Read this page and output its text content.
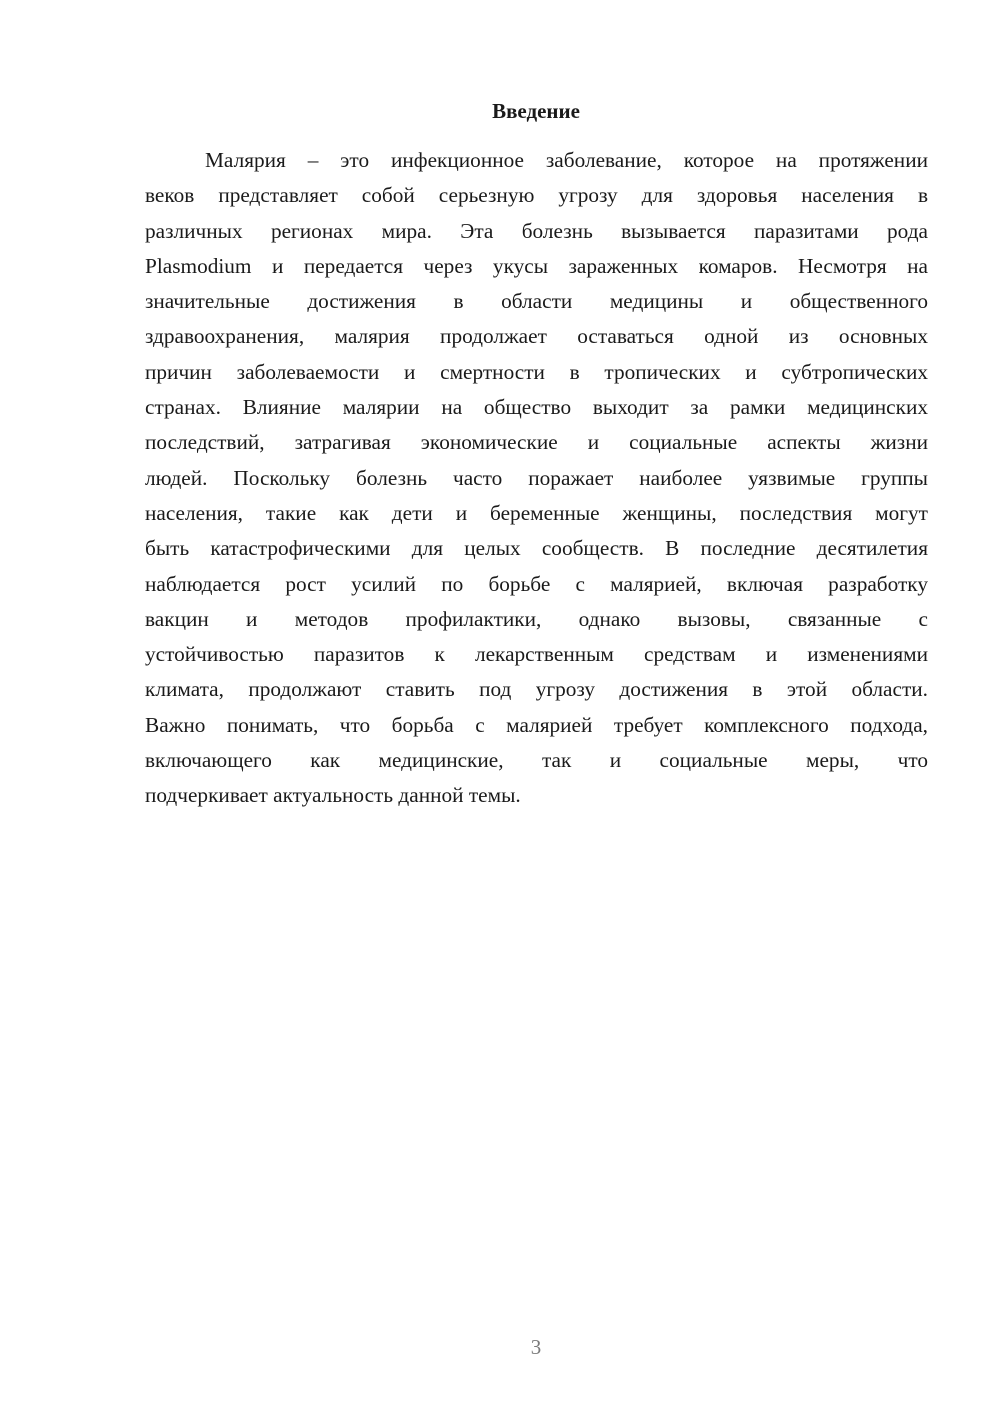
Введение
Малярия – это инфекционное заболевание, которое на протяжении
веков представляет собой серьезную угрозу для здоровья населения в
различных регионах мира. Эта болезнь вызывается паразитами рода
Plasmodium и передается через укусы зараженных комаров. Несмотря на
значительные достижения в области медицины и общественного
здравоохранения, малярия продолжает оставаться одной из основных
причин заболеваемости и смертности в тропических и субтропических
странах. Влияние малярии на общество выходит за рамки медицинских
последствий, затрагивая экономические и социальные аспекты жизни
людей. Поскольку болезнь часто поражает наиболее уязвимые группы
населения, такие как дети и беременные женщины, последствия могут
быть катастрофическими для целых сообществ. В последние десятилетия
наблюдается рост усилий по борьбе с малярией, включая разработку
вакцин и методов профилактики, однако вызовы, связанные с
устойчивостью паразитов к лекарственным средствам и изменениями
климата, продолжают ставить под угрозу достижения в этой области.
Важно понимать, что борьба с малярией требует комплексного подхода,
включающего как медицинские, так и социальные меры, что
подчеркивает актуальность данной темы.
3
